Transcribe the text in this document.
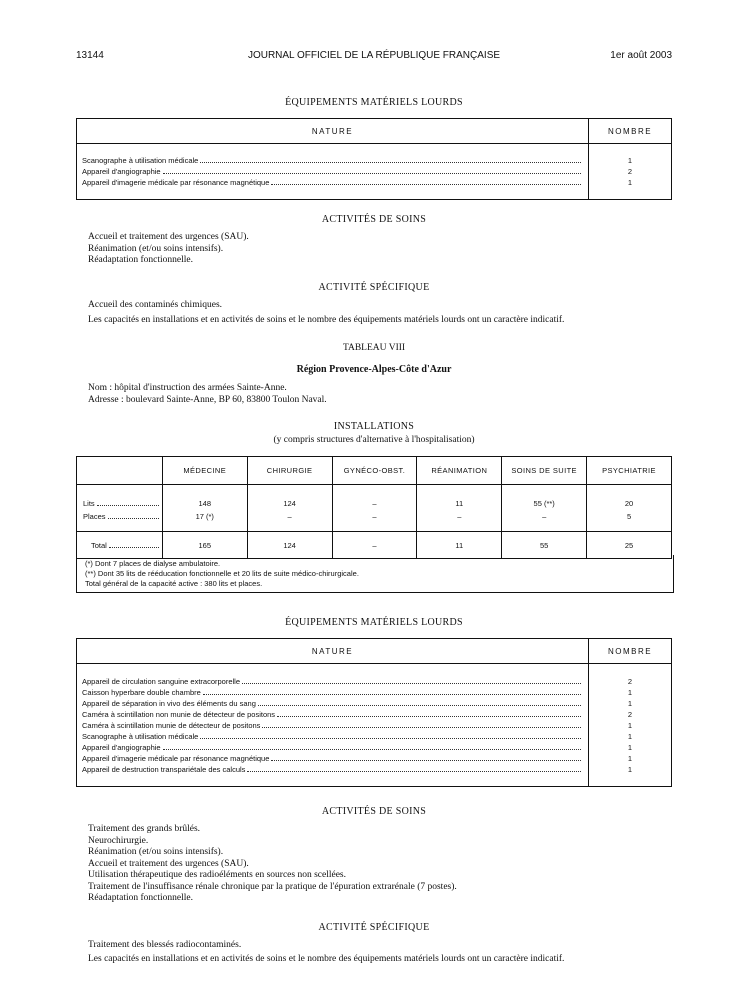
13144	JOURNAL OFFICIEL DE LA RÉPUBLIQUE FRANÇAISE	1er août 2003
ÉQUIPEMENTS MATÉRIELS LOURDS
NATURE	NOMBRE

Scanographe à utilisation médicale	1

Appareil d'angiographie	2

Appareil d'imagerie médicale par résonance magnétique	1

ACTIVITÉS DE SOINS
Accueil et traitement des urgences (SAU).
Réanimation (et/ou soins intensifs).
Réadaptation fonctionnelle.
ACTIVITÉ SPÉCIFIQUE
Accueil des contaminés chimiques.
Les capacités en installations et en activités de soins et le nombre des équipements matériels lourds ont un caractère indicatif.
TABLEAU VIII
Région Provence-Alpes-Côte d'Azur
Nom : hôpital d'instruction des armées Sainte-Anne.
Adresse : boulevard Sainte-Anne, BP 60, 83800 Toulon Naval.
INSTALLATIONS
(y compris structures d'alternative à l'hospitalisation)
	MÉDECINE	CHIRURGIE	GYNÉCO-OBST.	RÉANIMATION	SOINS DE SUITE	PSYCHIATRIE

Lits	148	124	–	11	55 (**)	20

Places	17 (*)	–	–	–	–	5

Total	165	124	–	11	55	25
(*) Dont 7 places de dialyse ambulatoire.
(**) Dont 35 lits de rééducation fonctionnelle et 20 lits de suite médico-chirurgicale.
Total général de la capacité active : 380 lits et places.
ÉQUIPEMENTS MATÉRIELS LOURDS
NATURE	NOMBRE

Appareil de circulation sanguine extracorporelle	2

Caisson hyperbare double chambre	1

Appareil de séparation in vivo des éléments du sang	1

Caméra à scintillation non munie de détecteur de positons	2

Caméra à scintillation munie de détecteur de positons	1

Scanographe à utilisation médicale	1

Appareil d'angiographie	1

Appareil d'imagerie médicale par résonance magnétique	1

Appareil de destruction transpariétale des calculs	1

ACTIVITÉS DE SOINS
Traitement des grands brûlés.
Neurochirurgie.
Réanimation (et/ou soins intensifs).
Accueil et traitement des urgences (SAU).
Utilisation thérapeutique des radioéléments en sources non scellées.
Traitement de l'insuffisance rénale chronique par la pratique de l'épuration extrarénale (7 postes).
Réadaptation fonctionnelle.
ACTIVITÉ SPÉCIFIQUE
Traitement des blessés radiocontaminés.
Les capacités en installations et en activités de soins et le nombre des équipements matériels lourds ont un caractère indicatif.
